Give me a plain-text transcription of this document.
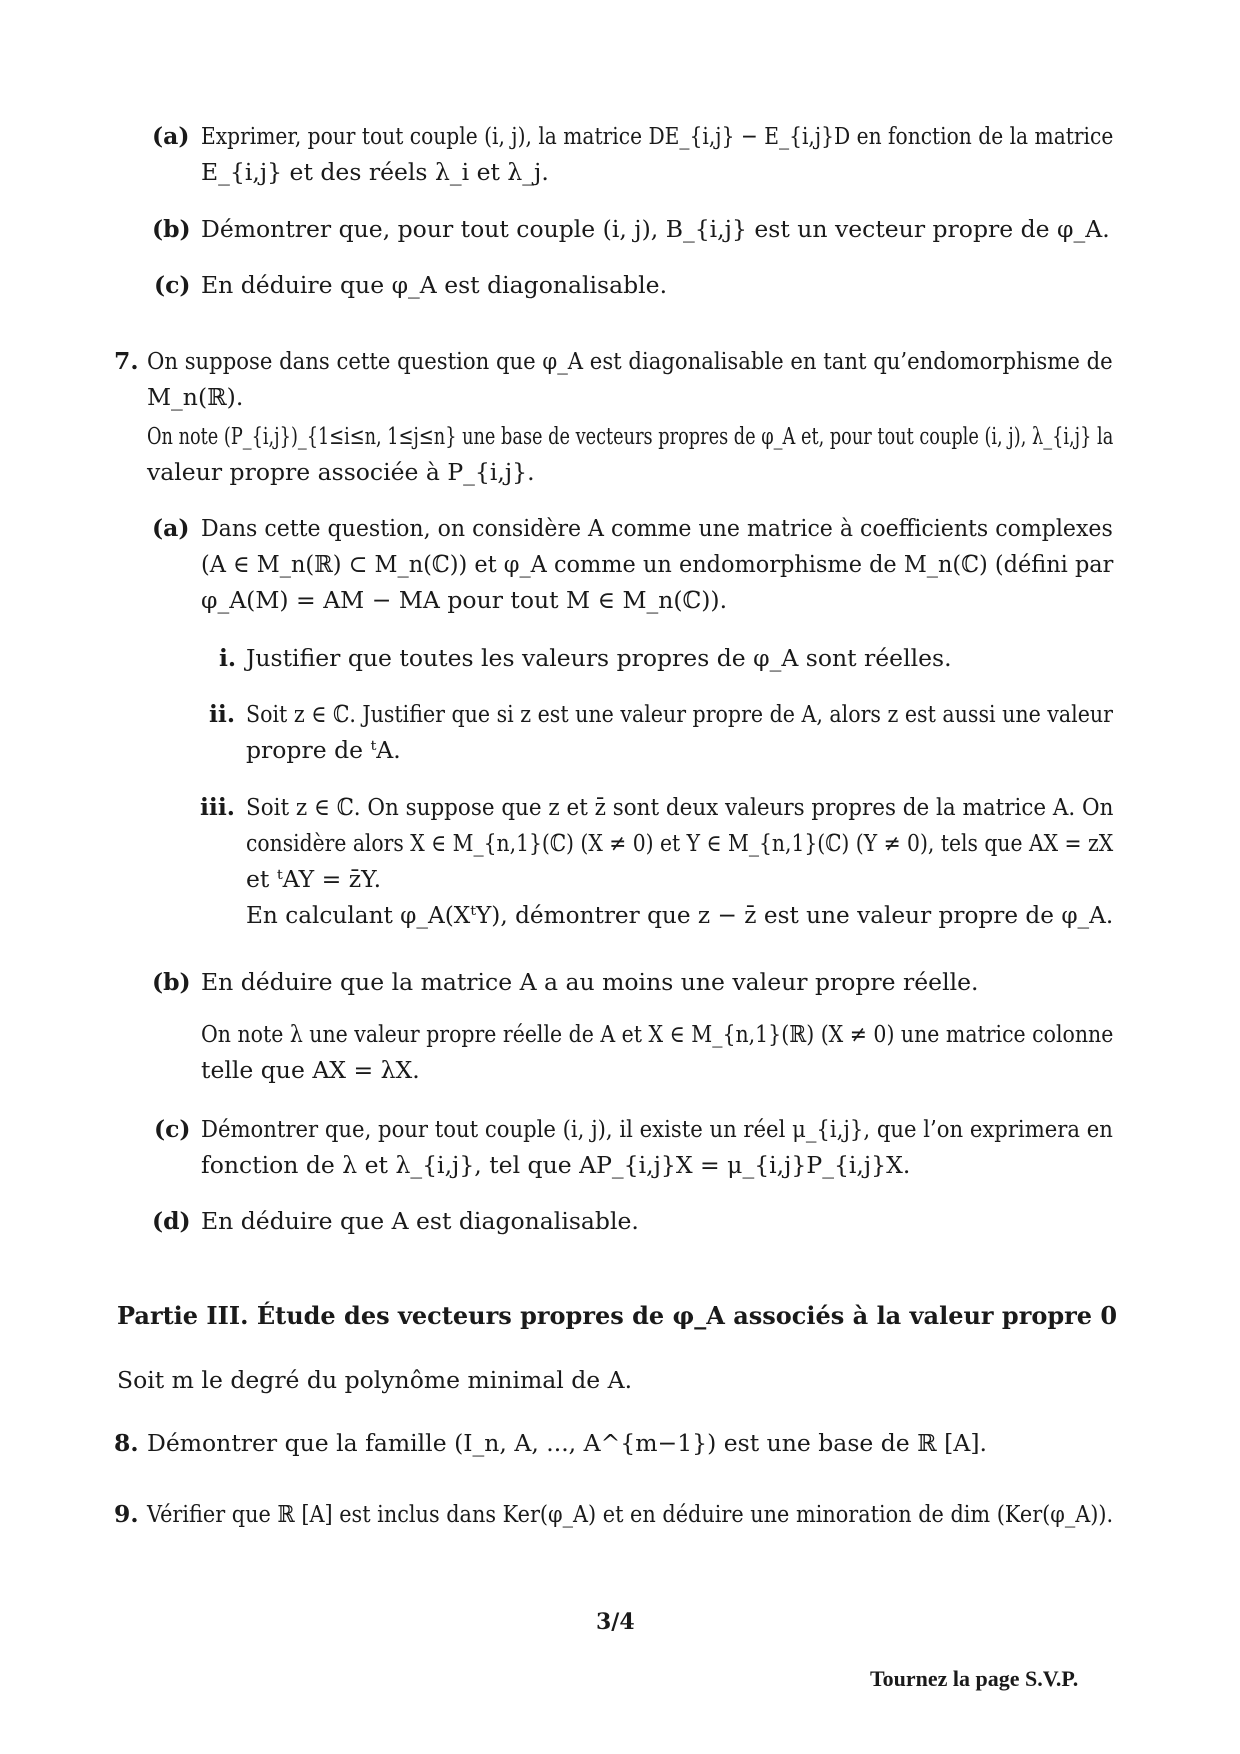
(a) Exprimer, pour tout couple (i, j), la matrice DE_{i,j} − E_{i,j}D en fonction de la matrice
E_{i,j} et des réels λ_i et λ_j.
(b) Démontrer que, pour tout couple (i, j), B_{i,j} est un vecteur propre de φ_A.
(c) En déduire que φ_A est diagonalisable.
7. On suppose dans cette question que φ_A est diagonalisable en tant qu’endomorphisme de
M_n(ℝ).
On note (P_{i,j})_{1≤i≤n, 1≤j≤n} une base de vecteurs propres de φ_A et, pour tout couple (i, j), λ_{i,j} la
valeur propre associée à P_{i,j}.
(a) Dans cette question, on considère A comme une matrice à coefficients complexes
(A ∈ M_n(ℝ) ⊂ M_n(ℂ)) et φ_A comme un endomorphisme de M_n(ℂ) (défini par
φ_A(M) = AM − MA pour tout M ∈ M_n(ℂ)).
i. Justifier que toutes les valeurs propres de φ_A sont réelles.
ii. Soit z ∈ ℂ. Justifier que si z est une valeur propre de A, alors z est aussi une valeur
propre de ᵗA.
iii. Soit z ∈ ℂ. On suppose que z et z̄ sont deux valeurs propres de la matrice A. On
considère alors X ∈ M_{n,1}(ℂ) (X ≠ 0) et Y ∈ M_{n,1}(ℂ) (Y ≠ 0), tels que AX = zX
et ᵗAY = z̄Y.
En calculant φ_A(XᵗY), démontrer que z − z̄ est une valeur propre de φ_A.
(b) En déduire que la matrice A a au moins une valeur propre réelle.
On note λ une valeur propre réelle de A et X ∈ M_{n,1}(ℝ) (X ≠ 0) une matrice colonne
telle que AX = λX.
(c) Démontrer que, pour tout couple (i, j), il existe un réel μ_{i,j}, que l’on exprimera en
fonction de λ et λ_{i,j}, tel que AP_{i,j}X = μ_{i,j}P_{i,j}X.
(d) En déduire que A est diagonalisable.
Partie III. Étude des vecteurs propres de φ_A associés à la valeur propre 0
Soit m le degré du polynôme minimal de A.
8. Démontrer que la famille (I_n, A, ..., A^{m−1}) est une base de ℝ [A].
9. Vérifier que ℝ [A] est inclus dans Ker(φ_A) et en déduire une minoration de dim (Ker(φ_A)).
3/4
Tournez la page S.V.P.
